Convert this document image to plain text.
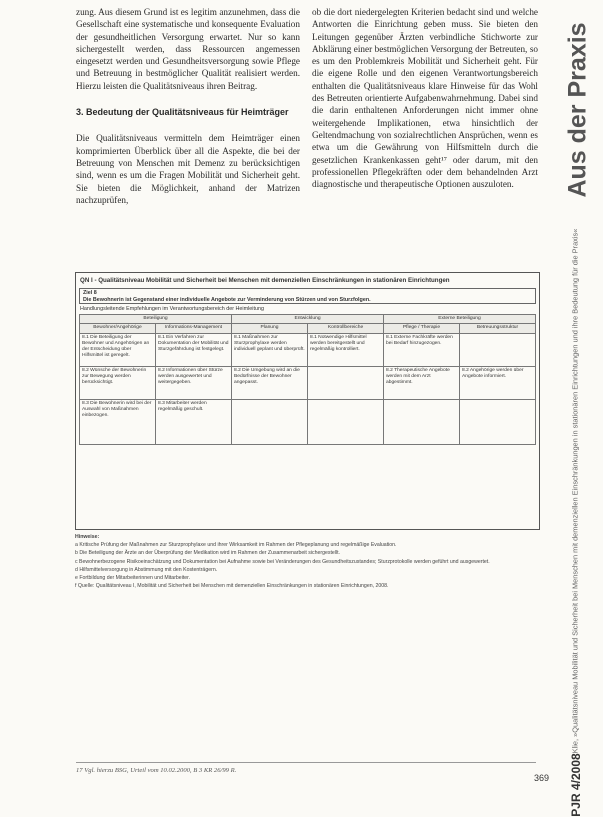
zung. Aus diesem Grund ist es legitim anzunehmen, dass die Gesellschaft eine systematische und konsequente Evaluation der gesundheitlichen Versorgung erwartet. Nur so kann sichergestellt werden, dass Ressourcen angemessen eingesetzt werden und Gesundheitsversorgung sowie Pflege und Betreuung in bestmöglicher Qualität realisiert werden. Hierzu leisten die Qualitätsniveaus ihren Beitrag.

3. Bedeutung der Qualitätsniveaus für Heimträger

Die Qualitätsniveaus vermitteln dem Heimträger einen komprimierten Überblick über all die Aspekte, die bei der Betreuung von Menschen mit Demenz zu berücksichtigen sind, wenn es um die Fragen Mobilität und Sicherheit geht. Sie bieten die Möglichkeit, anhand der Matrizen nachzuprüfen,

ob die dort niedergelegten Kriterien bedacht sind und welche Antworten die Einrichtung geben muss. Sie bieten den Leitungen gegenüber Ärzten verbindliche Stichworte zur Abklärung einer bestmöglichen Versorgung der Betreuten, so es um den Problemkreis Mobilität und Sicherheit geht. Für die eigene Rolle und den eigenen Verantwortungsbereich enthalten die Qualitätsniveaus klare Hinweise für das Wohl des Betreuten orientierte Aufgabenwahrnehmung. Dabei sind die darin enthaltenen Anforderungen nicht immer ohne weitergehende Implikationen, etwa hinsichtlich der Geltendmachung von sozialrechtlichen Ansprüchen, wenn es etwa um die Gewährung von Hilfsmitteln durch die gesetzlichen Krankenkassen geht¹⁷ oder darum, mit den professionellen Pflegekräften oder dem behandelnden Arzt diagnostische und therapeutische Optionen auszuloten.	Aus der Praxis
Klie, »Qualitätsniveau Mobilität und Sicherheit bei Menschen mit demenziellen Einschränkungen in stationären Einrichtungen und ihre Bedeutung für die Praxis«
PJR 4/2008
QN I - Qualitätsniveau Mobilität und Sicherheit bei Menschen mit demenziellen Einschränkungen in stationären Einrichtungen
Ziel 8
Die Bewohnerin ist Gegenstand einer individuelle Angebote zur Verminderung von Stürzen und von Sturzfolgen.
Handlungsleitende Empfehlungen im Verantwortungsbereich der Heimleitung
Beteiligung		Entwicklung		Externe Beteiligung	
Bewohner/Angehörige	Informations-Management	Planung	Kontrollbereiche	Pflege / Therapie	Betreuungsstruktur
8.1 Die Beteiligung der Bewohner und Angehörigen an der Entscheidung über Hilfsmittel ist geregelt.	8.1 Ein Verfahren zur Dokumentation der Mobilität und Sturzgefährdung ist festgelegt.	8.1 Maßnahmen zur Sturzprophylaxe werden individuell geplant und überprüft.	8.1 Notwendige Hilfsmittel werden bereitgestellt und regelmäßig kontrolliert.	8.1 Externe Fachkräfte werden bei Bedarf hinzugezogen.	
8.2 Wünsche der Bewohnerin zur Bewegung werden berücksichtigt.	8.2 Informationen über Stürze werden ausgewertet und weitergegeben.	8.2 Die Umgebung wird an die Bedürfnisse der Bewohner angepasst.		8.2 Therapeutische Angebote werden mit dem Arzt abgestimmt.	8.2 Angehörige werden über Angebote informiert.
8.3 Die Bewohnerin wird bei der Auswahl von Maßnahmen einbezogen.	8.3 Mitarbeiter werden regelmäßig geschult.				

Hinweise:

a Kritische Prüfung der Maßnahmen zur Sturzprophylaxe und ihrer Wirksamkeit im Rahmen der Pflegeplanung und regelmäßige Evaluation.

b Die Beteiligung der Ärzte an der Überprüfung der Medikation wird im Rahmen der Zusammenarbeit sichergestellt.

c Bewohnerbezogene Risikoeinschätzung und Dokumentation bei Aufnahme sowie bei Veränderungen des Gesundheitszustandes; Sturzprotokolle werden geführt und ausgewertet.

d Hilfsmittelversorgung in Abstimmung mit den Kostenträgern.

e Fortbildung der Mitarbeiterinnen und Mitarbeiter.

f Quelle: Qualitätsniveau I, Mobilität und Sicherheit bei Menschen mit demenziellen Einschränkungen in stationären Einrichtungen, 2008.

17 Vgl. hierzu BSG, Urteil vom 10.02.2000, B 3 KR 26/99 R.
369
